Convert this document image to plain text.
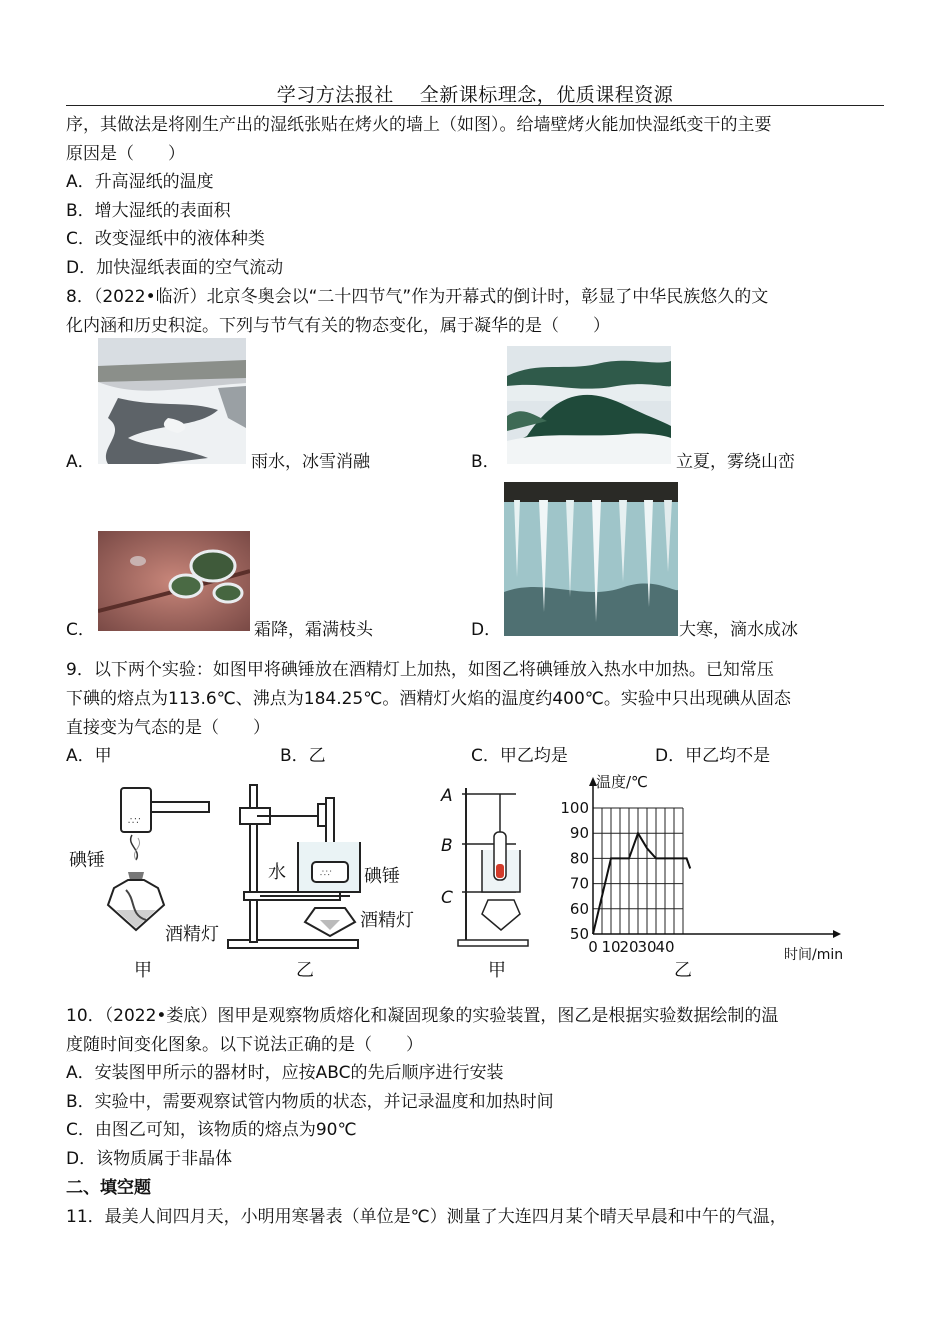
学习方法报社　 全新课标理念，优质课程资源
序，其做法是将刚生产出的湿纸张贴在烤火的墙上（如图）。给墙壁烤火能加快湿纸变干的主要
原因是（　　）
A．升高湿纸的温度
B．增大湿纸的表面积
C．改变湿纸中的液体种类
D．加快湿纸表面的空气流动
8．（2022•临沂）北京冬奥会以“二十四节气”作为开幕式的倒计时，彰显了中华民族悠久的文
化内涵和历史积淀。下列与节气有关的物态变化，属于凝华的是（　　）
A．	雨水，冰雪消融	B．	立夏，雾绕山峦
C．	霜降，霜满枝头	D．	大寒，滴水成冰
9．以下两个实验：如图甲将碘锤放在酒精灯上加热，如图乙将碘锤放入热水中加热。已知常压
下碘的熔点为113.6℃、沸点为184.25℃。酒精灯火焰的温度约400℃。实验中只出现碘从固态
直接变为气态的是（　　）
A．甲	B．乙	C．甲乙均是	D．甲乙均不是
∴∵
碘锤
酒精灯
甲
∴∵
水	碘锤
酒精灯
乙
A
B
C
甲
50
60
70
80
90
100
0 10
20
30
40
温度/℃
时间/min
乙
10．（2022•娄底）图甲是观察物质熔化和凝固现象的实验装置，图乙是根据实验数据绘制的温
度随时间变化图象。以下说法正确的是（　　）
A．安装图甲所示的器材时，应按ABC的先后顺序进行安装
B．实验中，需要观察试管内物质的状态，并记录温度和加热时间
C．由图乙可知，该物质的熔点为90℃
D．该物质属于非晶体
二、填空题
11．最美人间四月天，小明用寒暑表（单位是℃）测量了大连四月某个晴天早晨和中午的气温，
